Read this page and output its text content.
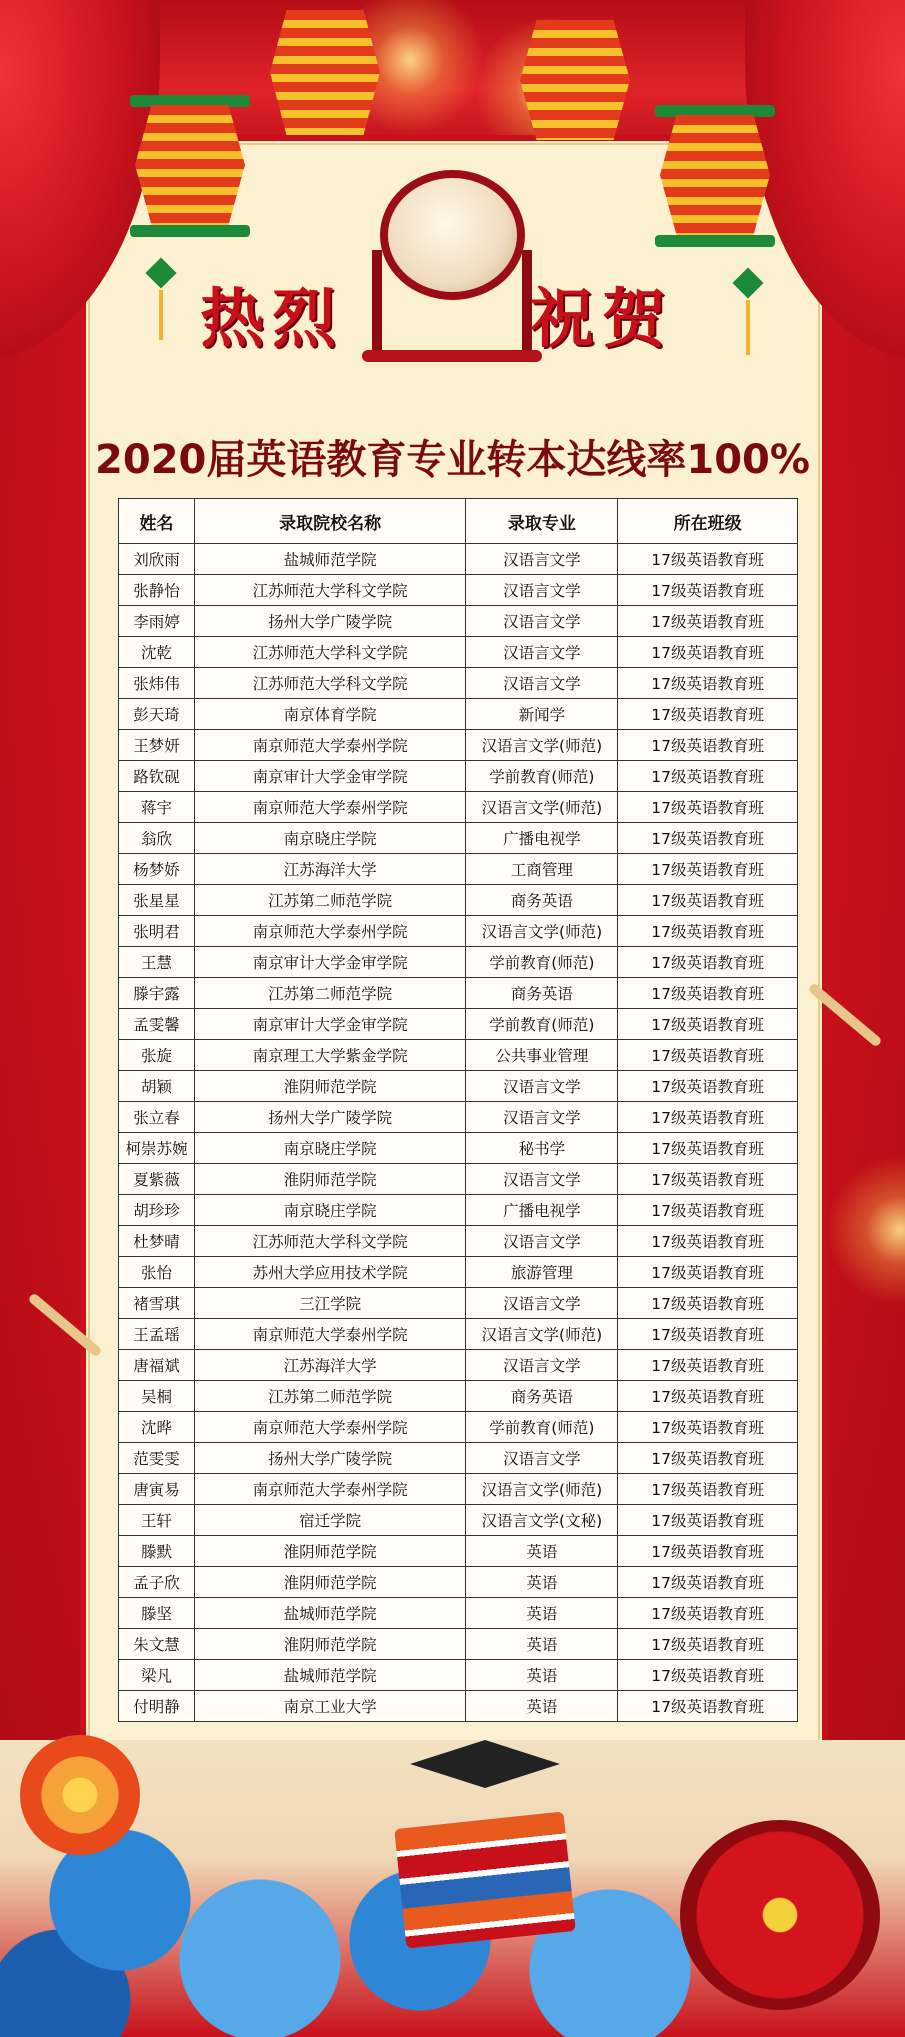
热烈	祝贺
2020届英语教育专业转本达线率100%
姓名	录取院校名称	录取专业	所在班级
刘欣雨	盐城师范学院	汉语言文学	17级英语教育班
张静怡	江苏师范大学科文学院	汉语言文学	17级英语教育班
李雨婷	扬州大学广陵学院	汉语言文学	17级英语教育班
沈乾	江苏师范大学科文学院	汉语言文学	17级英语教育班
张炜伟	江苏师范大学科文学院	汉语言文学	17级英语教育班
彭天琦	南京体育学院	新闻学	17级英语教育班
王梦妍	南京师范大学泰州学院	汉语言文学(师范)	17级英语教育班
路钦砚	南京审计大学金审学院	学前教育(师范)	17级英语教育班
蒋宇	南京师范大学泰州学院	汉语言文学(师范)	17级英语教育班
翁欣	南京晓庄学院	广播电视学	17级英语教育班
杨梦娇	江苏海洋大学	工商管理	17级英语教育班
张星星	江苏第二师范学院	商务英语	17级英语教育班
张明君	南京师范大学泰州学院	汉语言文学(师范)	17级英语教育班
王慧	南京审计大学金审学院	学前教育(师范)	17级英语教育班
滕宇露	江苏第二师范学院	商务英语	17级英语教育班
孟雯馨	南京审计大学金审学院	学前教育(师范)	17级英语教育班
张旋	南京理工大学紫金学院	公共事业管理	17级英语教育班
胡颖	淮阴师范学院	汉语言文学	17级英语教育班
张立春	扬州大学广陵学院	汉语言文学	17级英语教育班
柯崇苏婉	南京晓庄学院	秘书学	17级英语教育班
夏紫薇	淮阴师范学院	汉语言文学	17级英语教育班
胡珍珍	南京晓庄学院	广播电视学	17级英语教育班
杜梦晴	江苏师范大学科文学院	汉语言文学	17级英语教育班
张怡	苏州大学应用技术学院	旅游管理	17级英语教育班
褚雪琪	三江学院	汉语言文学	17级英语教育班
王孟瑶	南京师范大学泰州学院	汉语言文学(师范)	17级英语教育班
唐福斌	江苏海洋大学	汉语言文学	17级英语教育班
吴桐	江苏第二师范学院	商务英语	17级英语教育班
沈晔	南京师范大学泰州学院	学前教育(师范)	17级英语教育班
范雯雯	扬州大学广陵学院	汉语言文学	17级英语教育班
唐寅易	南京师范大学泰州学院	汉语言文学(师范)	17级英语教育班
王轩	宿迁学院	汉语言文学(文秘)	17级英语教育班
滕默	淮阴师范学院	英语	17级英语教育班
孟子欣	淮阴师范学院	英语	17级英语教育班
滕坚	盐城师范学院	英语	17级英语教育班
朱文慧	淮阴师范学院	英语	17级英语教育班
梁凡	盐城师范学院	英语	17级英语教育班
付明静	南京工业大学	英语	17级英语教育班
